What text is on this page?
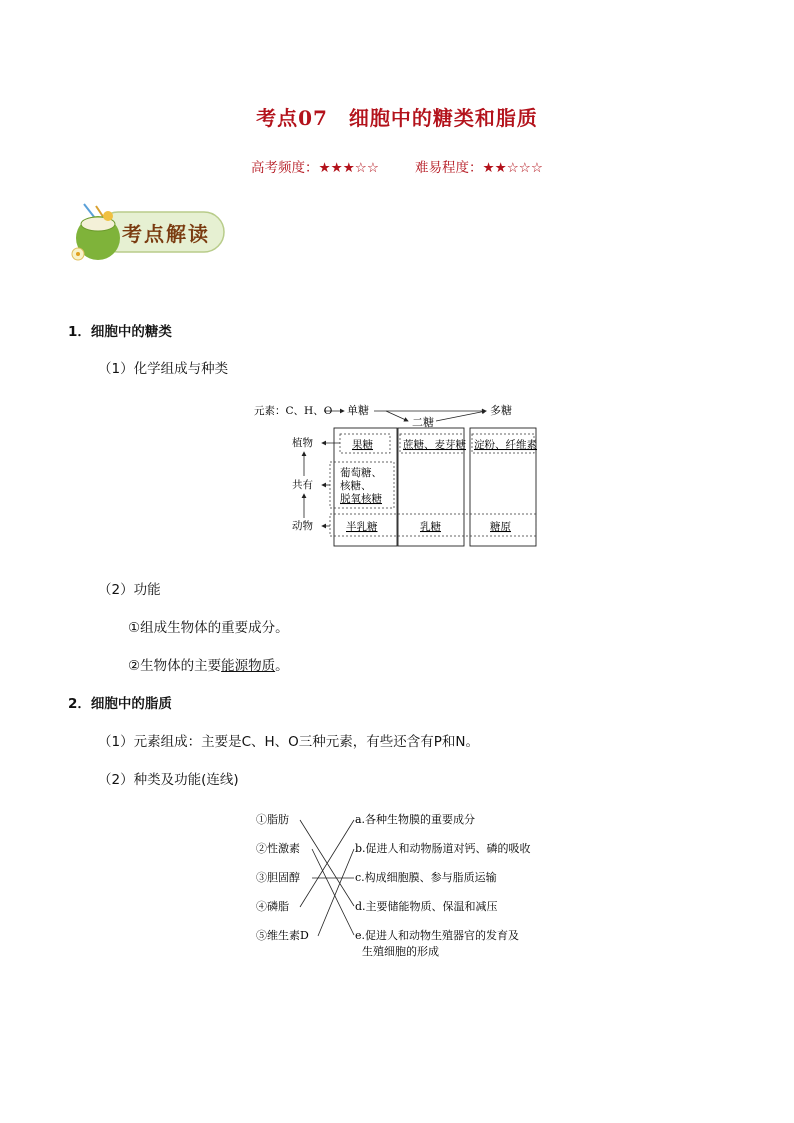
考点07　细胞中的糖类和脂质
高考频度：★★★☆☆	难易程度：★★☆☆☆
考点解读
1．细胞中的糖类
（1）化学组成与种类
元素：C、H、O 单糖
二糖
多糖
植物
共有
动物
果糖	蔗糖、麦芽糖 淀粉、纤维素
葡萄糖、
核糖、
脱氧核糖
半乳糖	乳糖	糖原
（2）功能
①组成生物体的重要成分。
②生物体的主要能源物质。
2．细胞中的脂质
（1）元素组成：主要是C、H、O三种元素，有些还含有P和N。
（2）种类及功能(连线)
①脂肪
②性激素
③胆固醇
④磷脂
⑤维生素D
a.各种生物膜的重要成分
b.促进人和动物肠道对钙、磷的吸收
c.构成细胞膜、参与脂质运输
d.主要储能物质、保温和减压
e.促进人和动物生殖器官的发育及
生殖细胞的形成
